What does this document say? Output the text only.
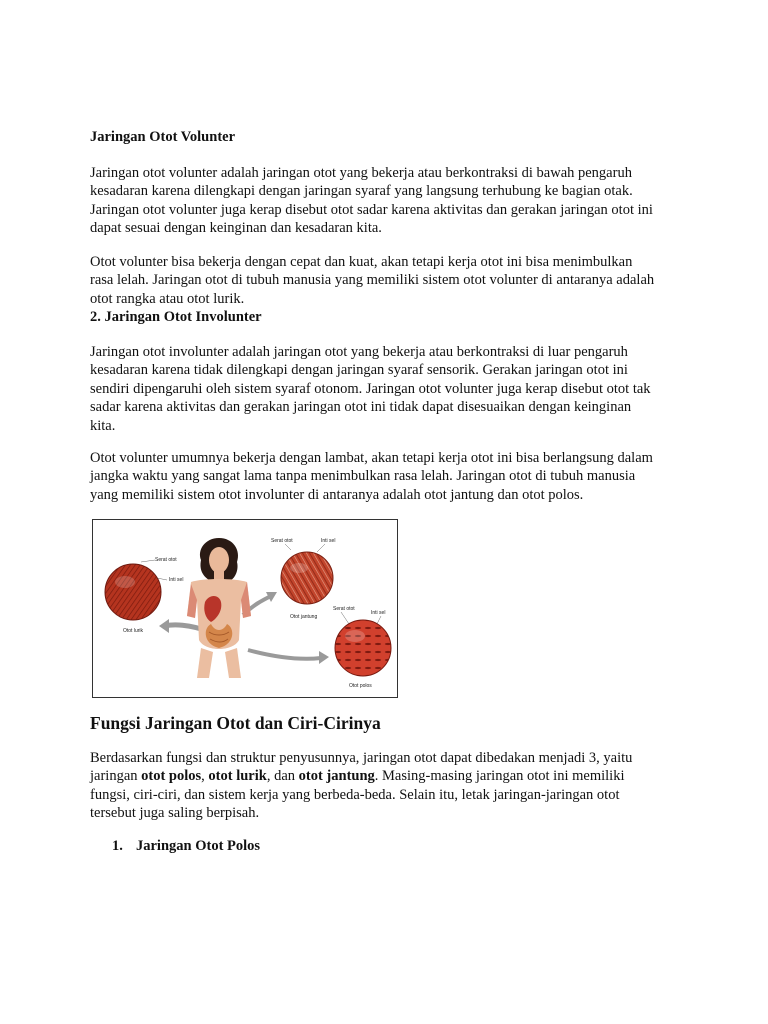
Jaringan Otot Volunter
Jaringan otot volunter adalah jaringan otot yang bekerja atau berkontraksi di bawah pengaruh
kesadaran karena dilengkapi dengan jaringan syaraf yang langsung terhubung ke bagian otak.
Jaringan otot volunter juga kerap disebut otot sadar karena aktivitas dan gerakan jaringan otot ini
dapat sesuai dengan keinginan dan kesadaran kita.
Otot volunter bisa bekerja dengan cepat dan kuat, akan tetapi kerja otot ini bisa menimbulkan
rasa lelah. Jaringan otot di tubuh manusia yang memiliki sistem otot volunter di antaranya adalah
otot rangka atau otot lurik.
2. Jaringan Otot Involunter
Jaringan otot involunter adalah jaringan otot yang bekerja atau berkontraksi di luar pengaruh
kesadaran karena tidak dilengkapi dengan jaringan syaraf sensorik. Gerakan jaringan otot ini
sendiri dipengaruhi oleh sistem syaraf otonom. Jaringan otot volunter juga kerap disebut otot tak
sadar karena aktivitas dan gerakan jaringan otot ini tidak dapat disesuaikan dengan keinginan
kita.
Otot volunter umumnya bekerja dengan lambat, akan tetapi kerja otot ini bisa berlangsung dalam
jangka waktu yang sangat lama tanpa menimbulkan rasa lelah. Jaringan otot di tubuh manusia
yang memiliki sistem otot involunter di antaranya adalah otot jantung dan otot polos.
Serat otot
Inti sel
Otot lurik
Serat otot	Inti sel
Otot jantung
Serat otot
Inti sel
Otot polos
Fungsi Jaringan Otot dan Ciri-Cirinya
Berdasarkan fungsi dan struktur penyusunnya, jaringan otot dapat dibedakan menjadi 3, yaitu
jaringan otot polos, otot lurik, dan otot jantung. Masing-masing jaringan otot ini memiliki
fungsi, ciri-ciri, dan sistem kerja yang berbeda-beda. Selain itu, letak jaringan-jaringan otot
tersebut juga saling berpisah.
1. Jaringan Otot Polos
